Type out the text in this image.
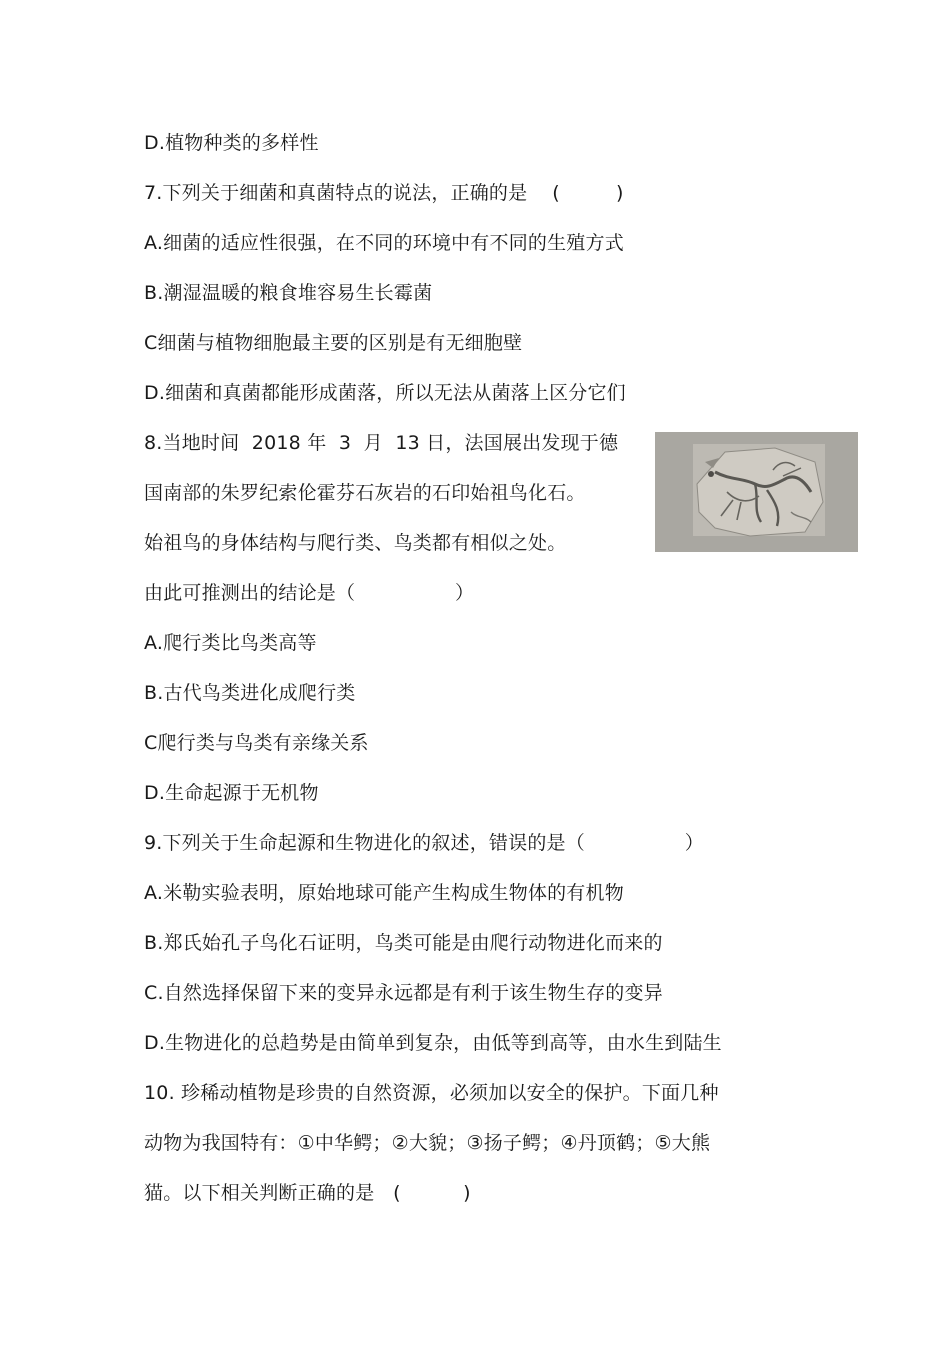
D.植物种类的多样性
7.下列关于细菌和真菌特点的说法，正确的是    (         )
A.细菌的适应性很强，在不同的环境中有不同的生殖方式
B.潮湿温暖的粮食堆容易生长霉菌
C细菌与植物细胞最主要的区别是有无细胞壁
D.细菌和真菌都能形成菌落，所以无法从菌落上区分它们
8.当地时间  2018 年  3  月  13 日，法国展出发现于德
国南部的朱罗纪索伦霍芬石灰岩的石印始祖鸟化石。
始祖鸟的身体结构与爬行类、鸟类都有相似之处。
由此可推测出的结论是（                ）
A.爬行类比鸟类高等
B.古代鸟类进化成爬行类
C爬行类与鸟类有亲缘关系
D.生命起源于无机物
9.下列关于生命起源和生物进化的叙述，错误的是（                ）
A.米勒实验表明，原始地球可能产生构成生物体的有机物
B.郑氏始孔子鸟化石证明，鸟类可能是由爬行动物进化而来的
C.自然选择保留下来的变异永远都是有利于该生物生存的变异
D.生物进化的总趋势是由简单到复杂，由低等到高等，由水生到陆生
10. 珍稀动植物是珍贵的自然资源，必须加以安全的保护。下面几种
动物为我国特有：①中华鳄；②大貌；③扬子鳄；④丹顶鹤；⑤大熊
猫。以下相关判断正确的是   (          )
